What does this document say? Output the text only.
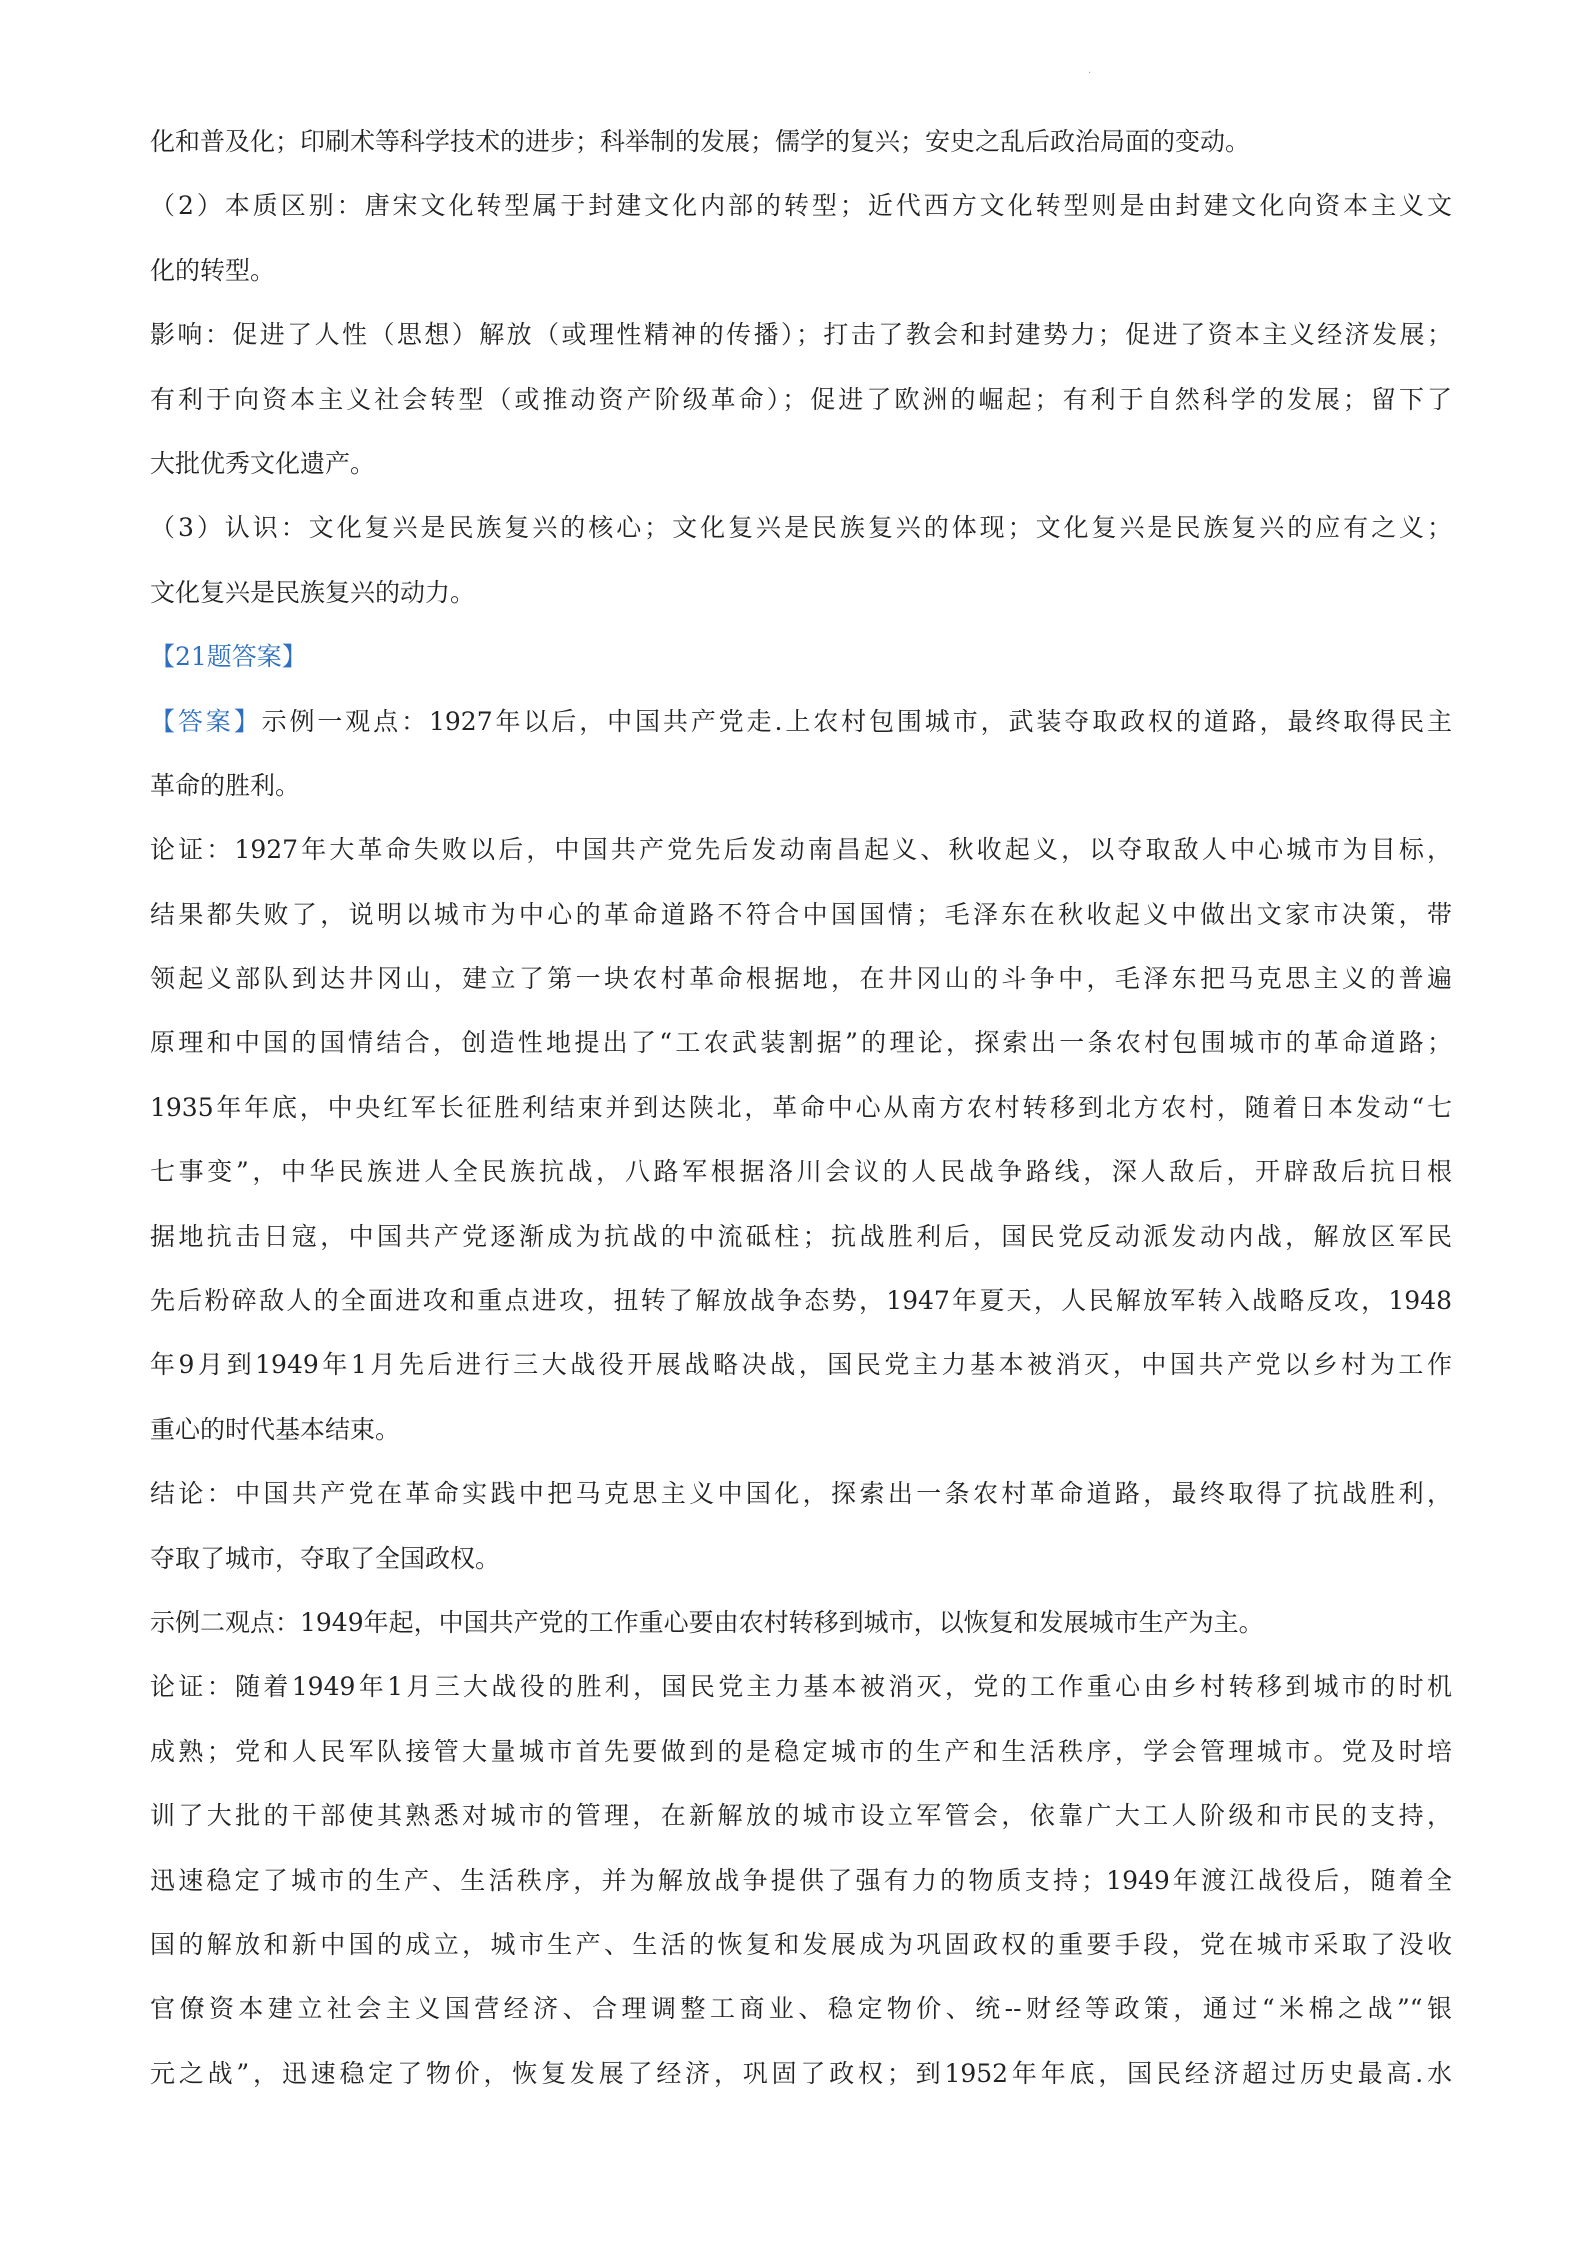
·
化和普及化；印刷术等科学技术的进步；科举制的发展；儒学的复兴；安史之乱后政治局面的变动。
（2）本质区别：唐宋文化转型属于封建文化内部的转型；近代西方文化转型则是由封建文化向资本主义文
化的转型。
影响：促进了人性（思想）解放（或理性精神的传播）；打击了教会和封建势力；促进了资本主义经济发展；
有利于向资本主义社会转型（或推动资产阶级革命）；促进了欧洲的崛起；有利于自然科学的发展；留下了
大批优秀文化遗产。
（3）认识：文化复兴是民族复兴的核心；文化复兴是民族复兴的体现；文化复兴是民族复兴的应有之义；
文化复兴是民族复兴的动力。
【21题答案】
【答案】示例一观点：1927年以后，中国共产党走.上农村包围城市，武装夺取政权的道路，最终取得民主
革命的胜利。
论证：1927年大革命失败以后，中国共产党先后发动南昌起义、秋收起义，以夺取敌人中心城市为目标，
结果都失败了，说明以城市为中心的革命道路不符合中国国情；毛泽东在秋收起义中做出文家市决策，带
领起义部队到达井冈山，建立了第一块农村革命根据地，在井冈山的斗争中，毛泽东把马克思主义的普遍
原理和中国的国情结合，创造性地提出了“工农武装割据”的理论，探索出一条农村包围城市的革命道路；
1935年年底，中央红军长征胜利结束并到达陕北，革命中心从南方农村转移到北方农村，随着日本发动“七
七事变”，中华民族进人全民族抗战，八路军根据洛川会议的人民战争路线，深人敌后，开辟敌后抗日根
据地抗击日寇，中国共产党逐渐成为抗战的中流砥柱；抗战胜利后，国民党反动派发动内战，解放区军民
先后粉碎敌人的全面进攻和重点进攻，扭转了解放战争态势，1947年夏天，人民解放军转入战略反攻，1948
年9月到1949年1月先后进行三大战役开展战略决战，国民党主力基本被消灭，中国共产党以乡村为工作
重心的时代基本结束。
结论：中国共产党在革命实践中把马克思主义中国化，探索出一条农村革命道路，最终取得了抗战胜利，
夺取了城市，夺取了全国政权。
示例二观点：1949年起，中国共产党的工作重心要由农村转移到城市，以恢复和发展城市生产为主。
论证：随着1949年1月三大战役的胜利，国民党主力基本被消灭，党的工作重心由乡村转移到城市的时机
成熟；党和人民军队接管大量城市首先要做到的是稳定城市的生产和生活秩序，学会管理城市。党及时培
训了大批的干部使其熟悉对城市的管理，在新解放的城市设立军管会，依靠广大工人阶级和市民的支持，
迅速稳定了城市的生产、生活秩序，并为解放战争提供了强有力的物质支持；1949年渡江战役后，随着全
国的解放和新中国的成立，城市生产、生活的恢复和发展成为巩固政权的重要手段，党在城市采取了没收
官僚资本建立社会主义国营经济、合理调整工商业、稳定物价、统--财经等政策，通过“米棉之战”“银
元之战”，迅速稳定了物价，恢复发展了经济，巩固了政权；到1952年年底，国民经济超过历史最高.水
